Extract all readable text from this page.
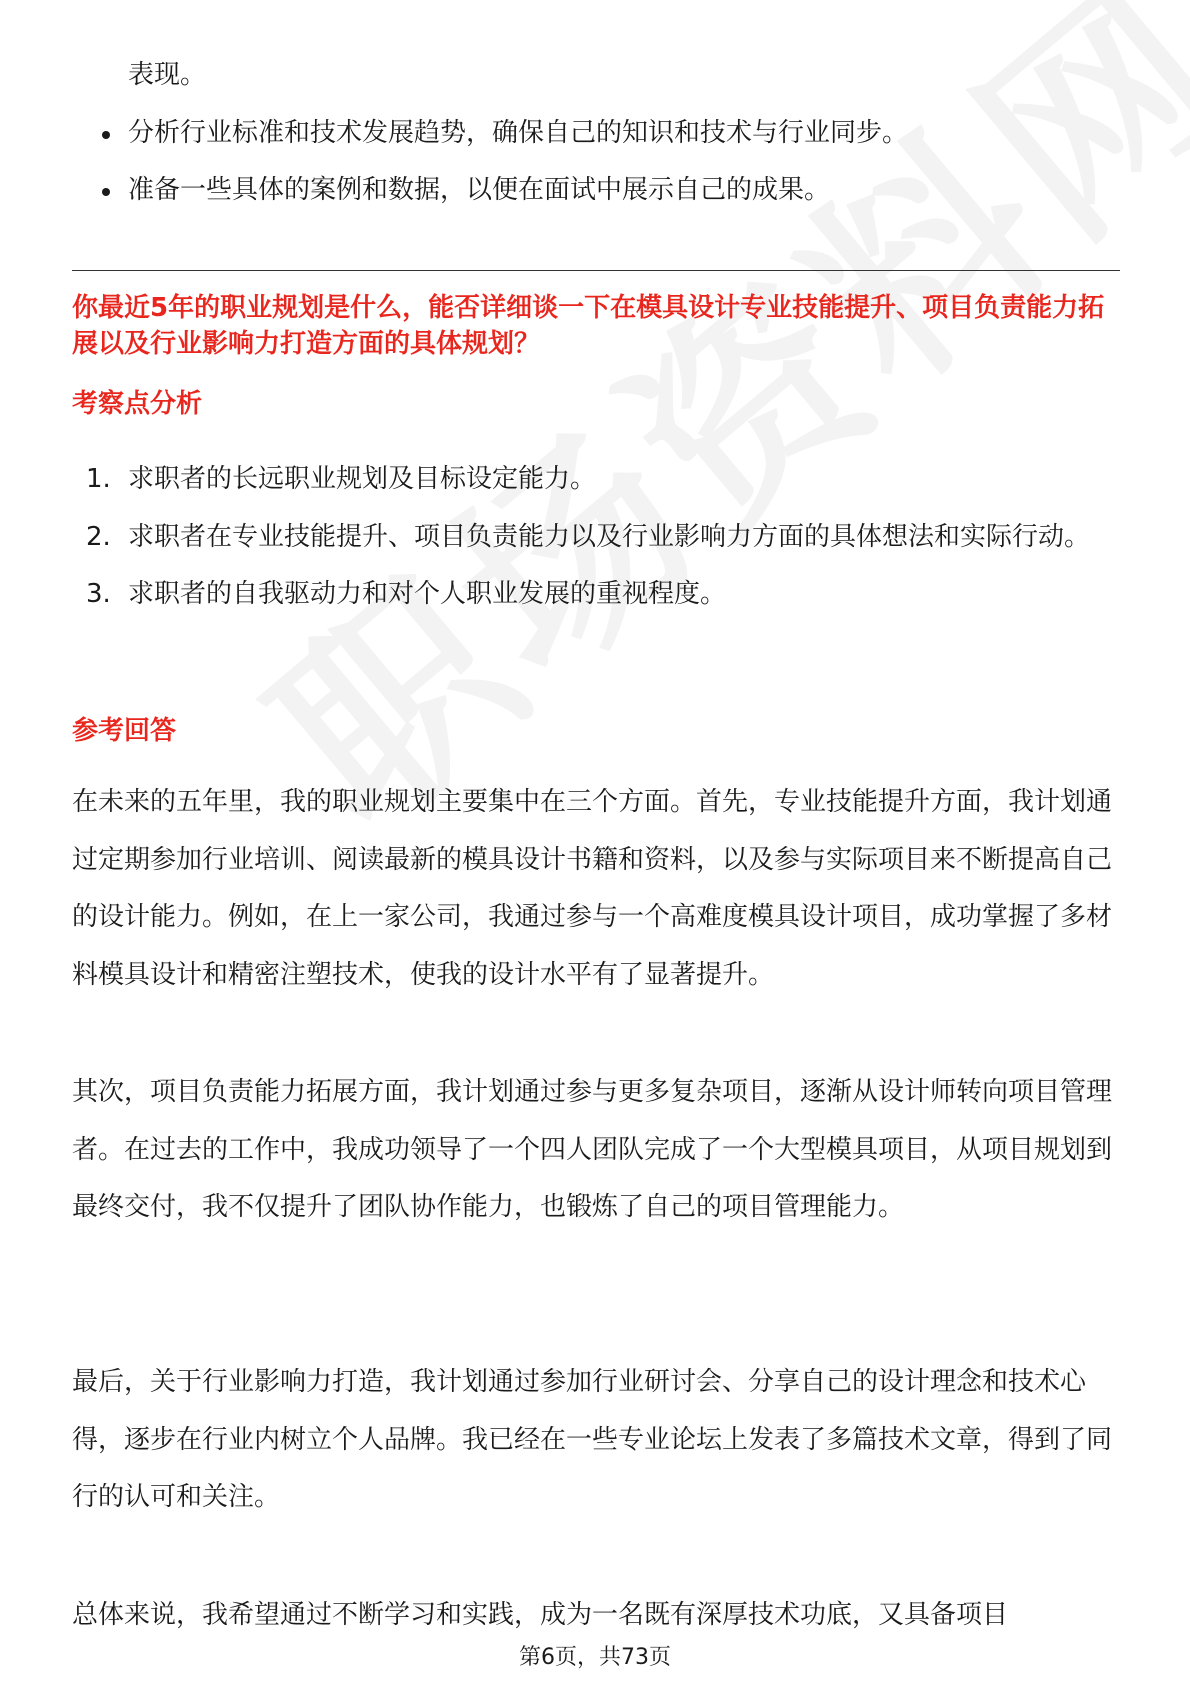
表现。
分析行业标准和技术发展趋势，确保自己的知识和技术与行业同步。
准备一些具体的案例和数据，以便在面试中展示自己的成果。
你最近5年的职业规划是什么，能否详细谈一下在模具设计专业技能提升、项目负责能力拓展以及行业影响力打造方面的具体规划？
考察点分析
1. 求职者的长远职业规划及目标设定能力。
2. 求职者在专业技能提升、项目负责能力以及行业影响力方面的具体想法和实际行动。
3. 求职者的自我驱动力和对个人职业发展的重视程度。
参考回答

在未来的五年里，我的职业规划主要集中在三个方面。首先，专业技能提升方面，我计划通过定期参加行业培训、阅读最新的模具设计书籍和资料，以及参与实际项目来不断提高自己的设计能力。例如，在上一家公司，我通过参与一个高难度模具设计项目，成功掌握了多材料模具设计和精密注塑技术，使我的设计水平有了显著提升。

其次，项目负责能力拓展方面，我计划通过参与更多复杂项目，逐渐从设计师转向项目管理者。在过去的工作中，我成功领导了一个四人团队完成了一个大型模具项目，从项目规划到最终交付，我不仅提升了团队协作能力，也锻炼了自己的项目管理能力。

最后，关于行业影响力打造，我计划通过参加行业研讨会、分享自己的设计理念和技术心得，逐步在行业内树立个人品牌。我已经在一些专业论坛上发表了多篇技术文章，得到了同行的认可和关注。

总体来说，我希望通过不断学习和实践，成为一名既有深厚技术功底，又具备项目

第6页，共73页
